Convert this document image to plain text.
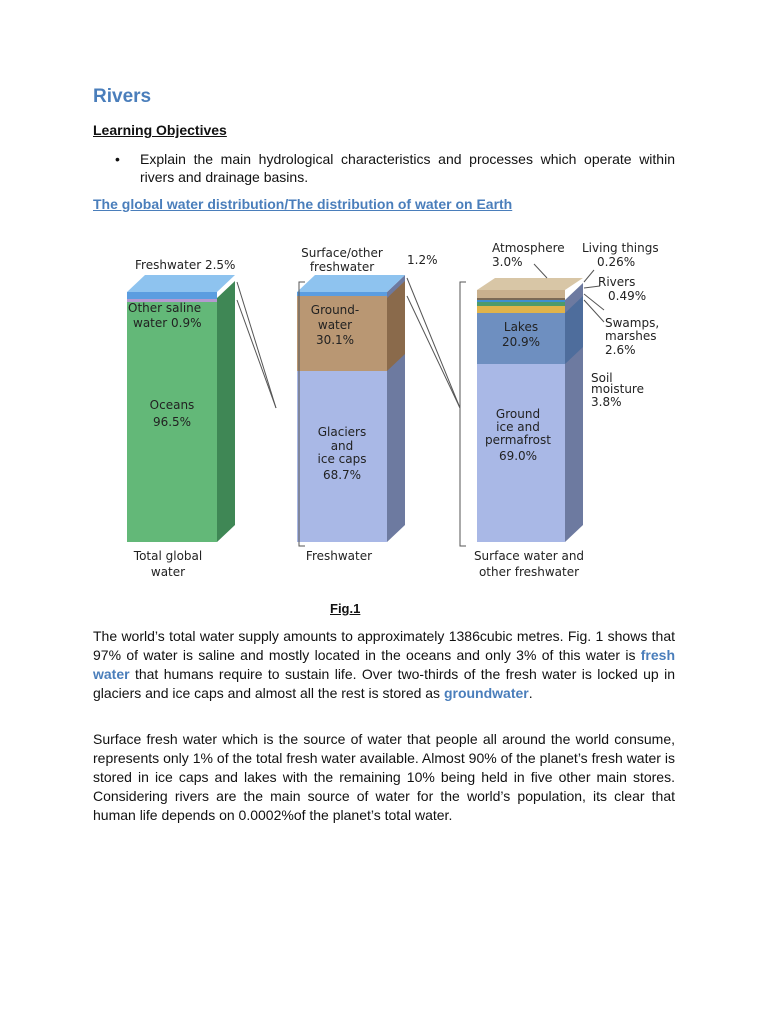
Rivers
Learning Objectives
• Explain the main hydrological characteristics and processes which operate within rivers and drainage basins.
The global water distribution/The distribution of water on Earth
Freshwater 2.5%
Other saline
water 0.9%
Oceans
96.5%
Total global
water
Surface/other
freshwater	1.2%
Ground-
water
30.1%
Glaciers
and
ice caps
68.7%
Freshwater
Atmosphere
3.0%
Living things
0.26%
Rivers
0.49%
Swamps,
marshes
2.6%
Soil
moisture
3.8%
Lakes
20.9%
Ground
ice and
permafrost
69.0%
Surface water and
other freshwater
Fig.1
The world’s total water supply amounts to approximately 1386cubic metres. Fig. 1 shows that 97% of water is saline and mostly located in the oceans and only 3% of this water is fresh water that humans require to sustain life. Over two-thirds of the fresh water is locked up in glaciers and ice caps and almost all the rest is stored as groundwater.
Surface fresh water which is the source of water that people all around the world consume, represents only 1% of the total fresh water available. Almost 90% of the planet’s fresh water is stored in ice caps and lakes with the remaining 10% being held in five other main stores. Considering rivers are the main source of water for the world’s population, its clear that human life depends on 0.0002%of the planet’s total water.
